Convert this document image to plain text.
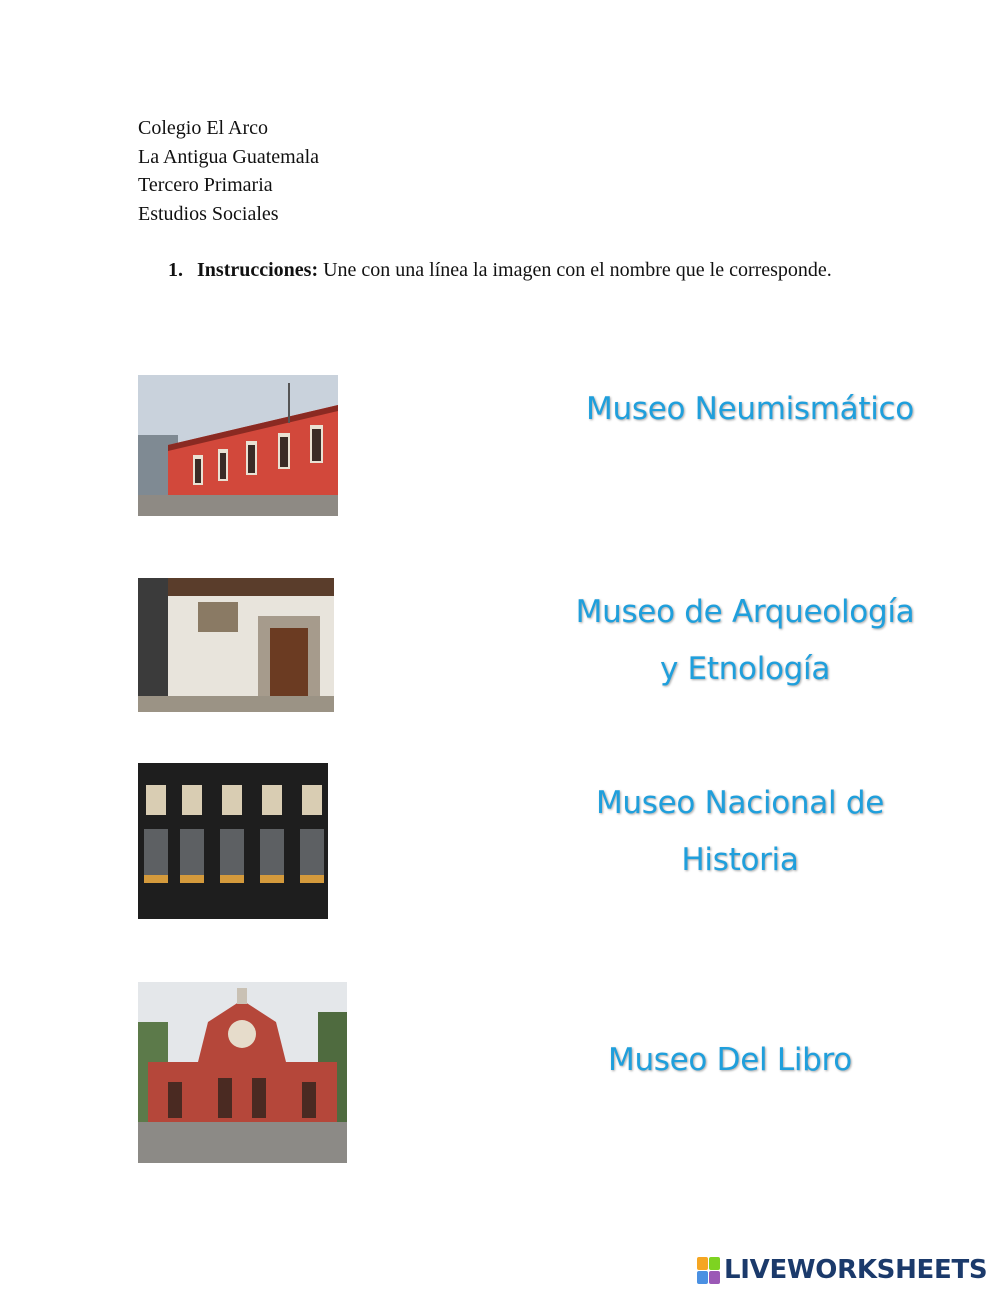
Colegio El Arco
La Antigua Guatemala
Tercero Primaria
Estudios Sociales
1. Instrucciones: Une con una línea la imagen con el nombre que le corresponde.
Museo Neumismático
Museo de Arqueología
y Etnología
Museo Nacional de
Historia
Museo Del Libro
LIVEWORKSHEETS
